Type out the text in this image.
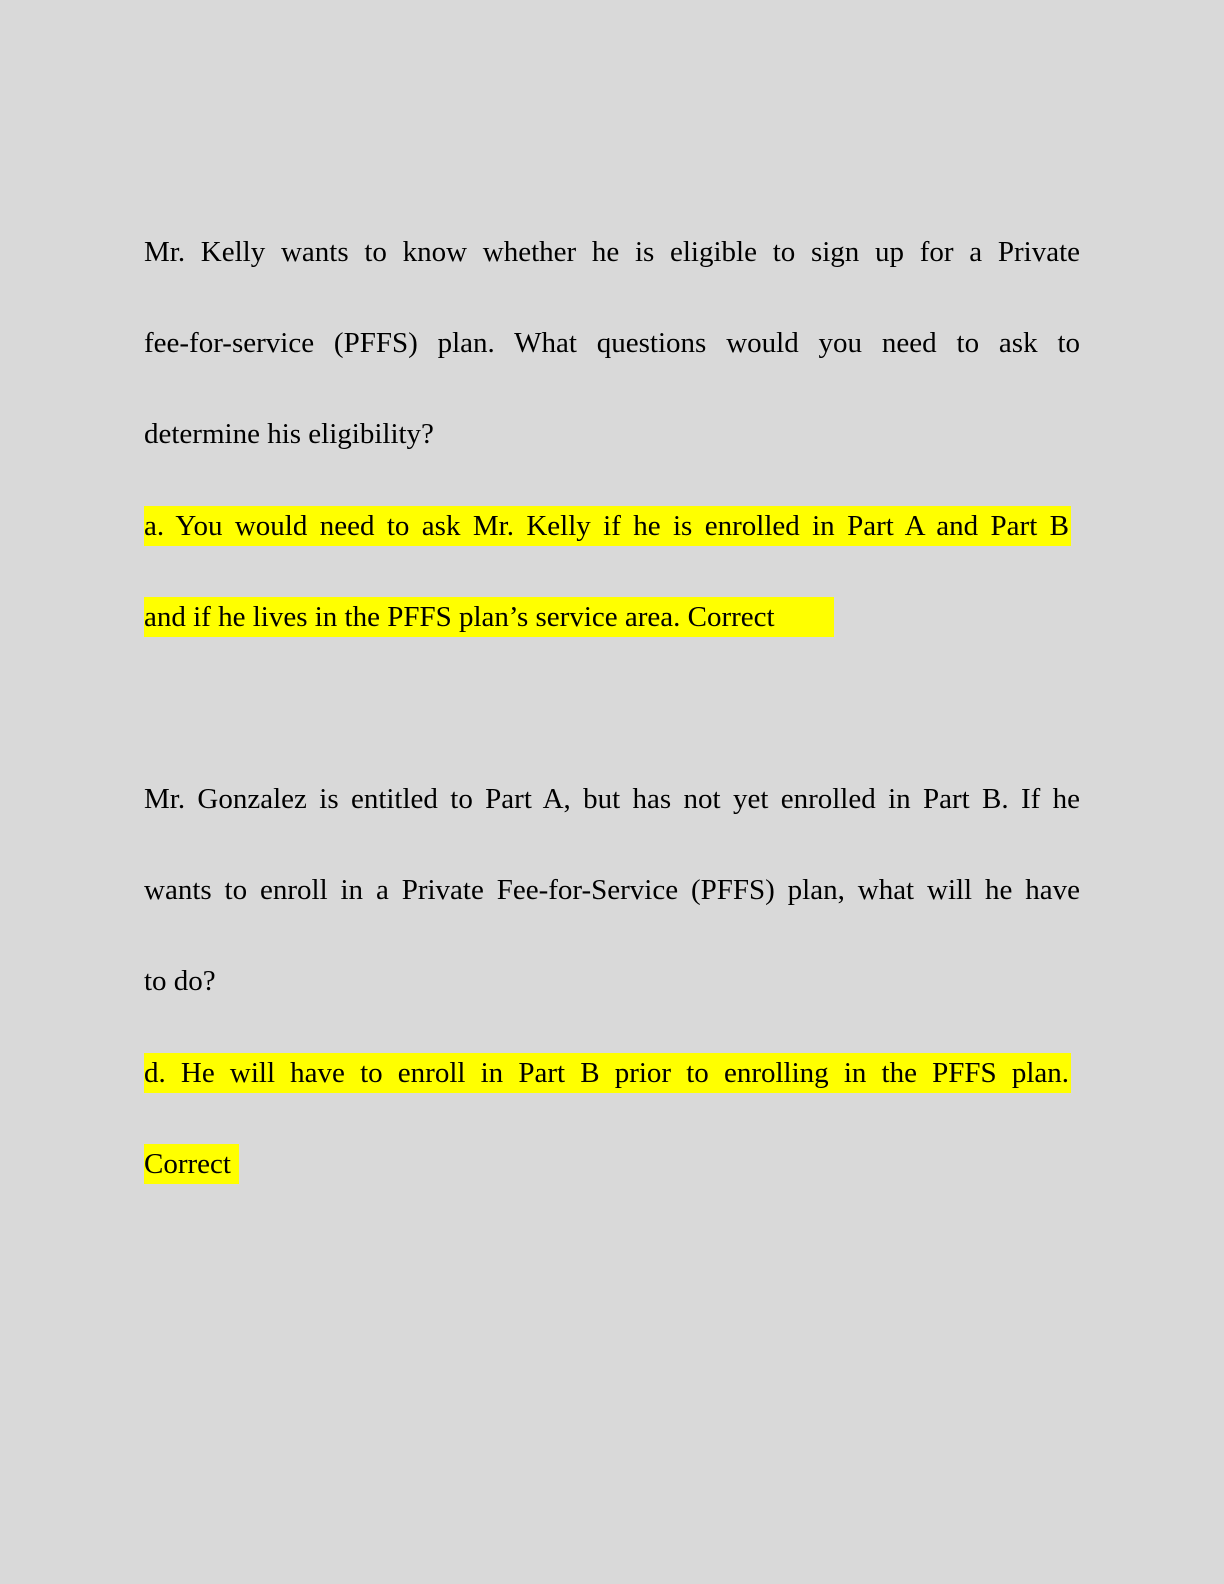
Mr. Kelly wants to know whether he is eligible to sign up for a Private
fee-for-service (PFFS) plan. What questions would you need to ask to
determine his eligibility?
a. You would need to ask Mr. Kelly if he is enrolled in Part A and Part B
and if he lives in the PFFS plan’s service area. Correct
Mr. Gonzalez is entitled to Part A, but has not yet enrolled in Part B. If he
wants to enroll in a Private Fee-for-Service (PFFS) plan, what will he have
to do?
d. He will have to enroll in Part B prior to enrolling in the PFFS plan.
Correct
